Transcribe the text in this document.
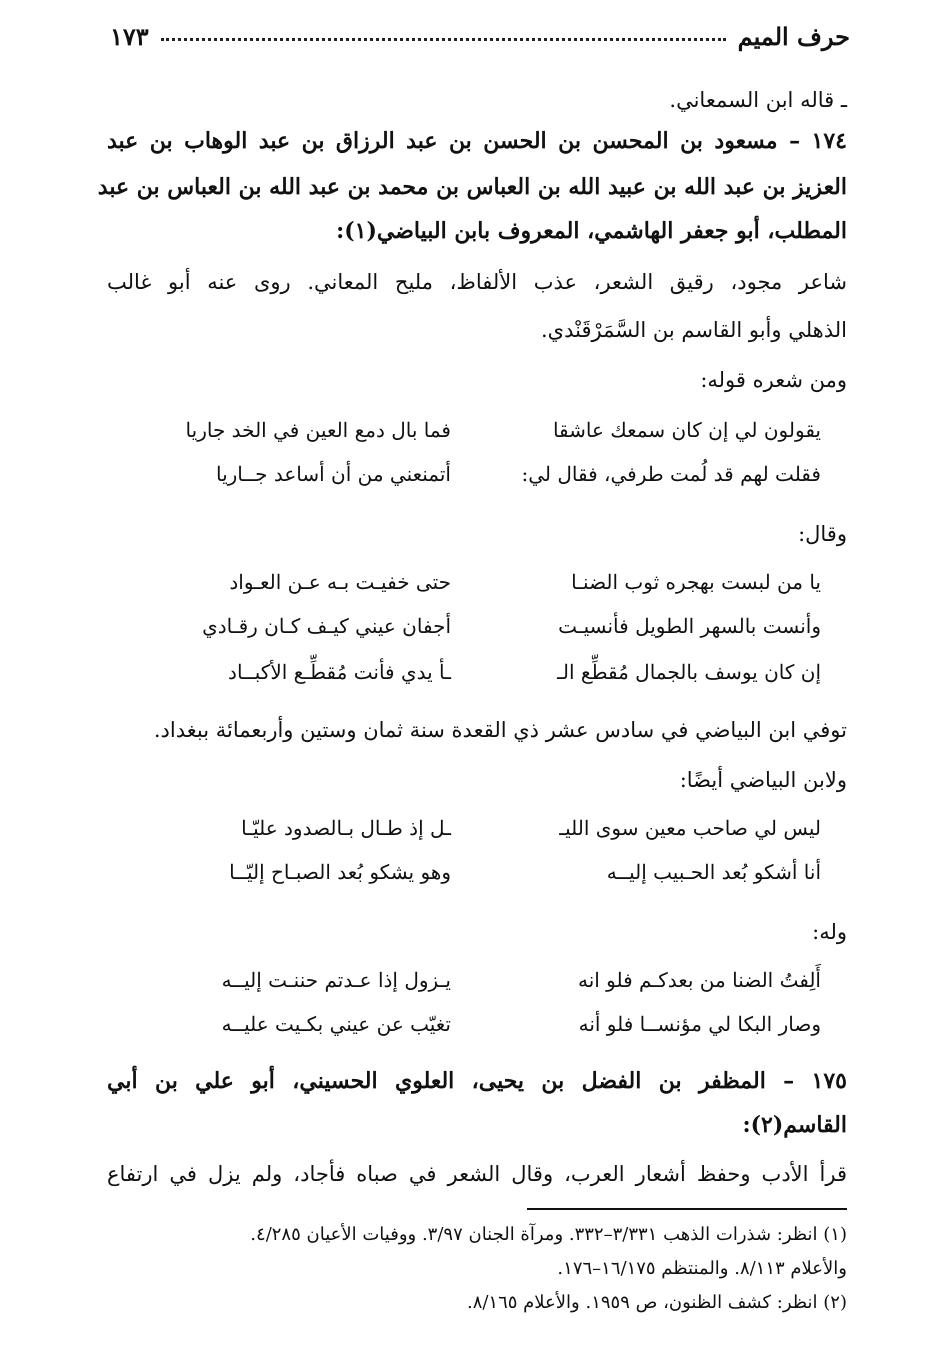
حرف الميم
١٧٣
ـ قاله ابن السمعاني.
١٧٤ – مسعود بن المحسن بن الحسن بن عبد الرزاق بن عبد الوهاب بن عبد
العزيز بن عبد الله بن عبيد الله بن العباس بن محمد بن عبد الله بن العباس بن عبد
المطلب، أبو جعفر الهاشمي، المعروف بابن البياضي(١):
شاعر مجود، رقيق الشعر، عذب الألفاظ، مليح المعاني. روى عنه أبو غالب
الذهلي وأبو القاسم بن السَّمَرْقَنْدي.
ومن شعره قوله:
يقولون لي إن كان سمعك عاشقا
فما بال دمع العين في الخد جاريا
فقلت لهم قد لُمت طرفي، فقال لي:
أتمنعني من أن أساعد جــاريا
وقال:
يا من لبست بهجره ثوب الضنـا
حتى خفيـت بـه عـن العـواد
وأنست بالسهر الطويل فأنسيـت
أجفان عيني كيـف كـان رقـادي
إن كان يوسف بالجمال مُقطِّع الـ
ـأ يدي فأنت مُقطِّـع الأكبــاد
توفي ابن البياضي في سادس عشر ذي القعدة سنة ثمان وستين وأربعمائة ببغداد.
ولابن البياضي أيضًا:
ليس لي صاحب معين سوى الليـ
ـل إذ طـال بـالصدود عليّـا
أنا أشكو بُعد الحـبيب إليــه
وهو يشكو بُعد الصبـاح إليّــا
وله:
أَلِفتُ الضنا من بعدكـم فلو انه
يـزول إذا عـدتم حننـت إليــه
وصار البكا لي مؤنســا فلو أنه
تغيّب عن عيني بكـيت عليــه
١٧٥ – المظفر بن الفضل بن يحيى، العلوي الحسيني، أبو علي بن أبي
القاسم(٢):
قرأ الأدب وحفظ أشعار العرب، وقال الشعر في صباه فأجاد، ولم يزل في ارتفاع
(١) انظر: شذرات الذهب ٣/٣٣١–٣٣٢. ومرآة الجنان ٣/٩٧. ووفيات الأعيان ٤/٢٨٥.
والأعلام ٨/١١٣. والمنتظم ١٦/١٧٥–١٧٦.
(٢) انظر: كشف الظنون، ص ١٩٥٩. والأعلام ٨/١٦٥.
